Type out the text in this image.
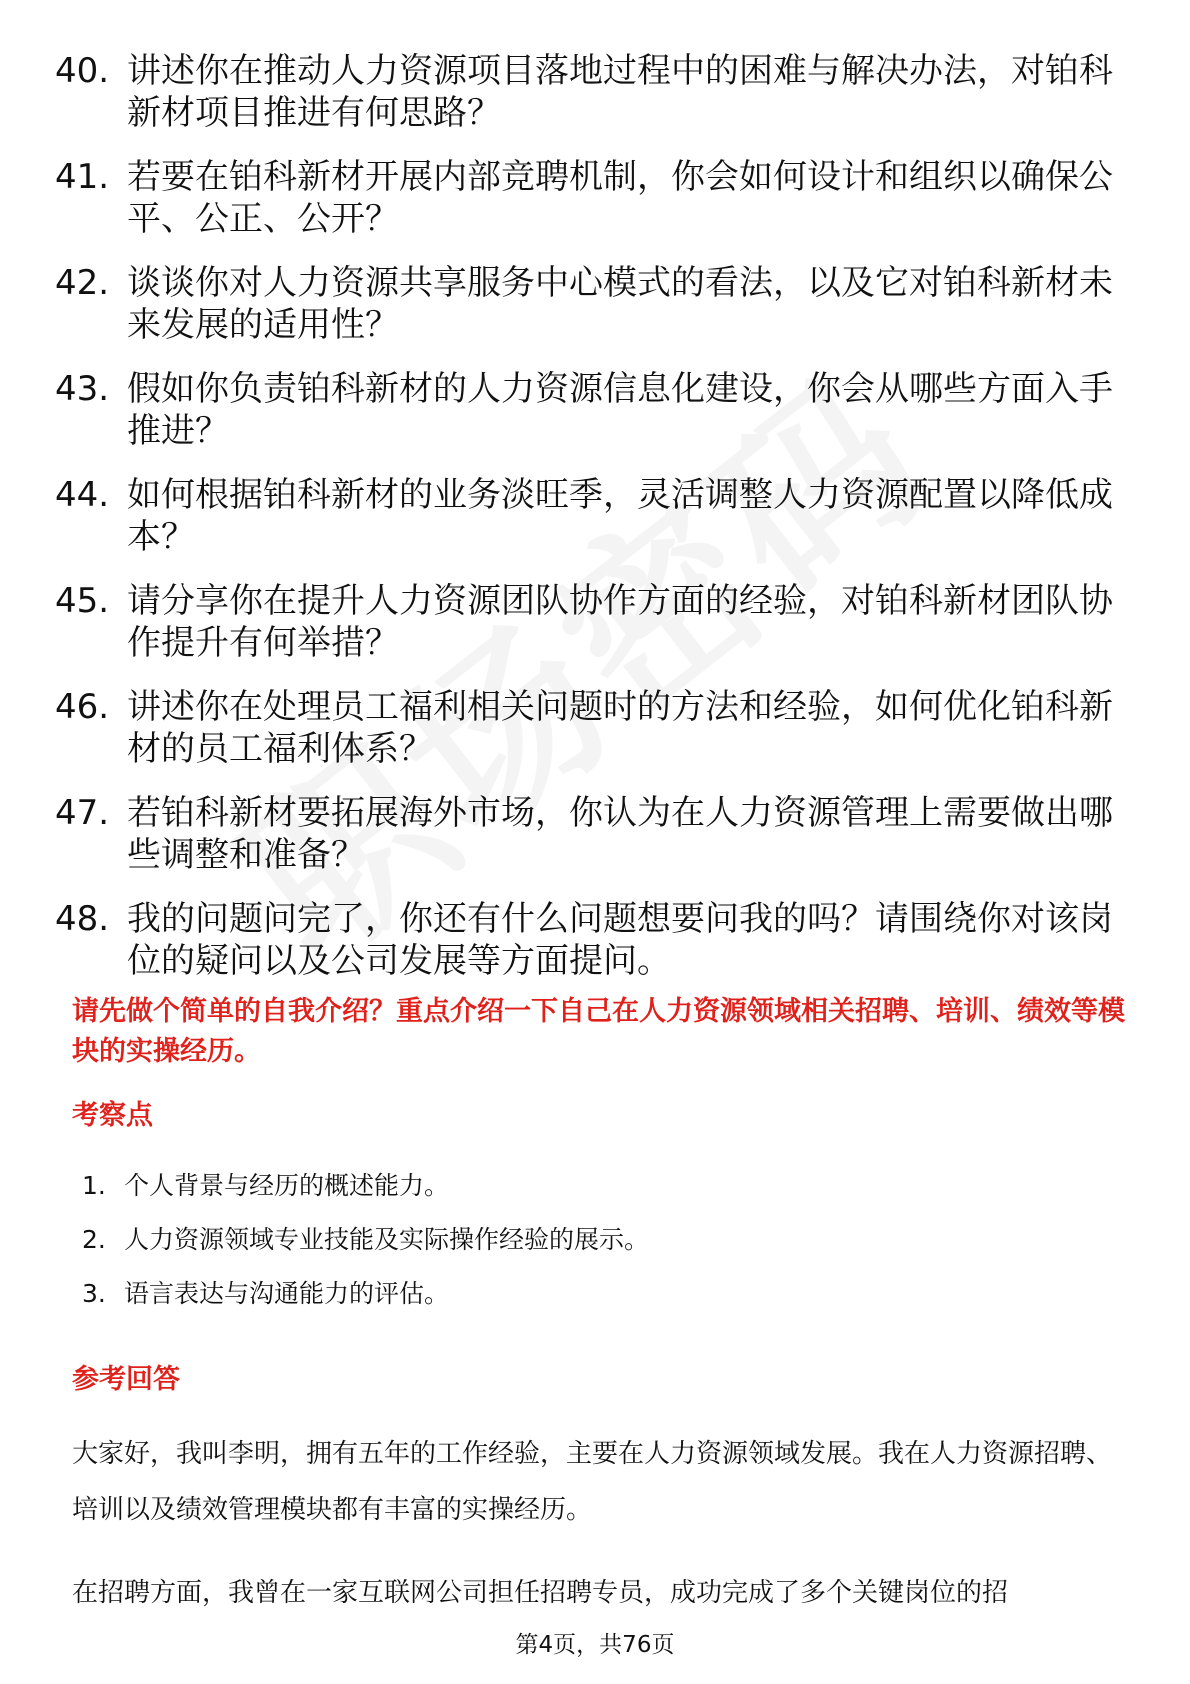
40. 讲述你在推动人力资源项目落地过程中的困难与解决办法，对铂科新材项目推进有何思路？
41. 若要在铂科新材开展内部竞聘机制，你会如何设计和组织以确保公平、公正、公开？
42. 谈谈你对人力资源共享服务中心模式的看法，以及它对铂科新材未来发展的适用性？
43. 假如你负责铂科新材的人力资源信息化建设，你会从哪些方面入手推进？
44. 如何根据铂科新材的业务淡旺季，灵活调整人力资源配置以降低成本？
45. 请分享你在提升人力资源团队协作方面的经验，对铂科新材团队协作提升有何举措？
46. 讲述你在处理员工福利相关问题时的方法和经验，如何优化铂科新材的员工福利体系？
47. 若铂科新材要拓展海外市场，你认为在人力资源管理上需要做出哪些调整和准备？
48. 我的问题问完了，你还有什么问题想要问我的吗？请围绕你对该岗位的疑问以及公司发展等方面提问。
请先做个简单的自我介绍？重点介绍一下自己在人力资源领域相关招聘、培训、绩效等模块的实操经历。
考察点
1. 个人背景与经历的概述能力。
2. 人力资源领域专业技能及实际操作经验的展示。
3. 语言表达与沟通能力的评估。
参考回答
大家好，我叫李明，拥有五年的工作经验，主要在人力资源领域发展。我在人力资源招聘、培训以及绩效管理模块都有丰富的实操经历。
在招聘方面，我曾在一家互联网公司担任招聘专员，成功完成了多个关键岗位的招
第4页，共76页
